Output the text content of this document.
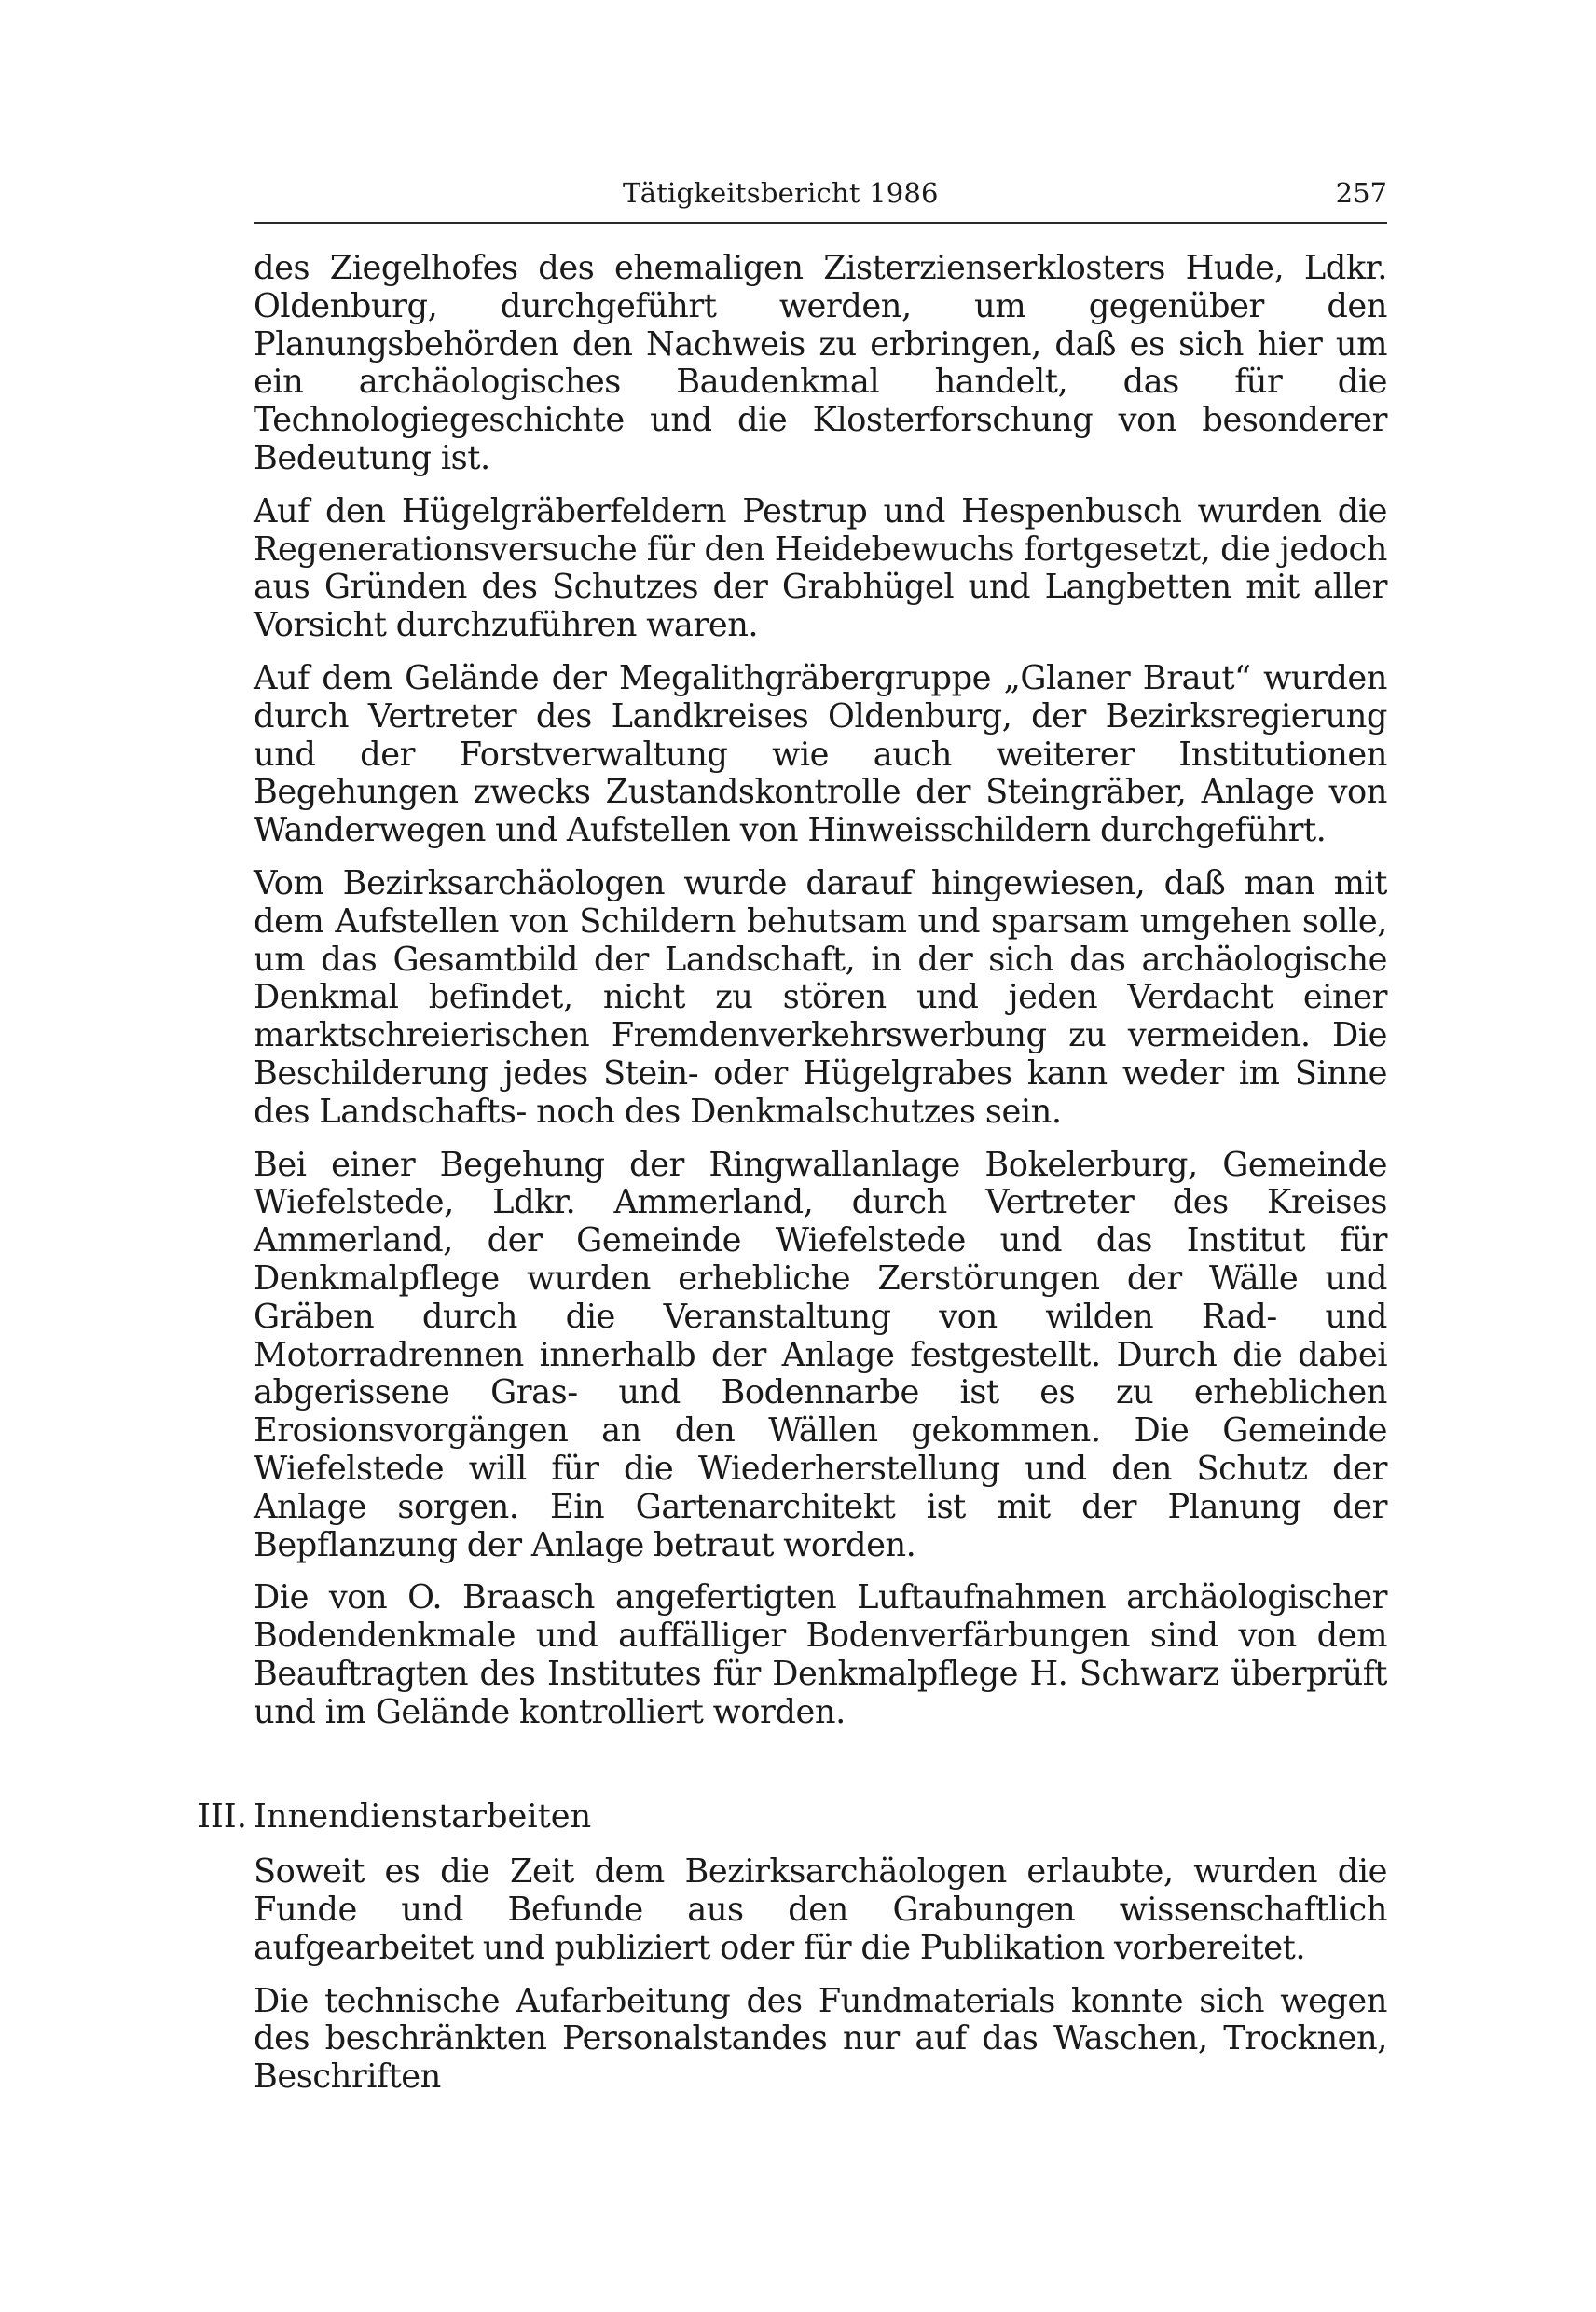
Tätigkeitsbericht 1986	257

des Ziegelhofes des ehemaligen Zisterzienserklosters Hude, Ldkr. Oldenburg, durchgeführt werden, um gegenüber den Planungsbehörden den Nachweis zu erbringen, daß es sich hier um ein archäologisches Baudenkmal handelt, das für die Technologiegeschichte und die Klosterforschung von besonderer Bedeutung ist.

Auf den Hügelgräberfeldern Pestrup und Hespenbusch wurden die Regenerationsversuche für den Heidebewuchs fortgesetzt, die jedoch aus Gründen des Schutzes der Grabhügel und Langbetten mit aller Vorsicht durchzuführen waren.

Auf dem Gelände der Megalithgräbergruppe „Glaner Braut“ wurden durch Vertreter des Landkreises Oldenburg, der Bezirksregierung und der Forstverwaltung wie auch weiterer Institutionen Begehungen zwecks Zustandskontrolle der Steingräber, Anlage von Wanderwegen und Aufstellen von Hinweisschildern durchgeführt.

Vom Bezirksarchäologen wurde darauf hingewiesen, daß man mit dem Aufstellen von Schildern behutsam und sparsam umgehen solle, um das Gesamtbild der Landschaft, in der sich das archäologische Denkmal befindet, nicht zu stören und jeden Verdacht einer marktschreierischen Fremdenverkehrswerbung zu vermeiden. Die Beschilderung jedes Stein- oder Hügelgrabes kann weder im Sinne des Landschafts- noch des Denkmalschutzes sein.

Bei einer Begehung der Ringwallanlage Bokelerburg, Gemeinde Wiefelstede, Ldkr. Ammerland, durch Vertreter des Kreises Ammerland, der Gemeinde Wiefelstede und das Institut für Denkmalpflege wurden erhebliche Zerstörungen der Wälle und Gräben durch die Veranstaltung von wilden Rad- und Motorradrennen innerhalb der Anlage festgestellt. Durch die dabei abgerissene Gras- und Bodennarbe ist es zu erheblichen Erosionsvorgängen an den Wällen gekommen. Die Gemeinde Wiefelstede will für die Wiederherstellung und den Schutz der Anlage sorgen. Ein Gartenarchitekt ist mit der Planung der Bepflanzung der Anlage betraut worden.

Die von O. Braasch angefertigten Luftaufnahmen archäologischer Bodendenkmale und auffälliger Bodenverfärbungen sind von dem Beauftragten des Institutes für Denkmalpflege H. Schwarz überprüft und im Gelände kontrolliert worden.

III. Innendienstarbeiten

Soweit es die Zeit dem Bezirksarchäologen erlaubte, wurden die Funde und Befunde aus den Grabungen wissenschaftlich aufgearbeitet und publiziert oder für die Publikation vorbereitet.

Die technische Aufarbeitung des Fundmaterials konnte sich wegen des beschränkten Personalstandes nur auf das Waschen, Trocknen, Beschriften
